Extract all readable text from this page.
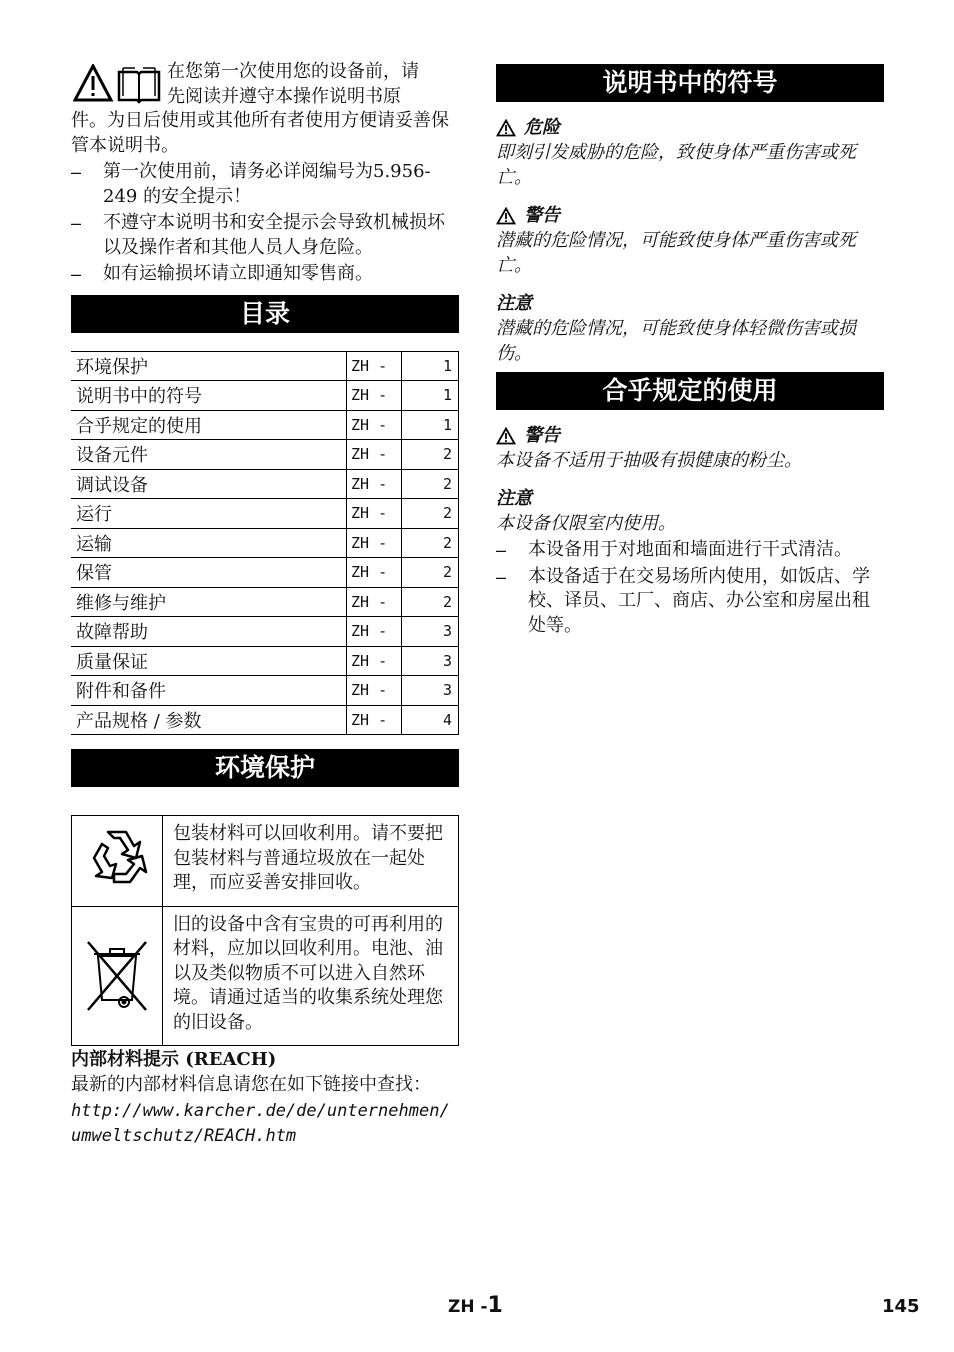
在您第一次使用您的设备前，请

先阅读并遵守本操作说明书原

件。为日后使用或其他所有者使用方便请妥善保管本说明书。

– 第一次使用前，请务必详阅编号为5.956-249 的安全提示！
– 不遵守本说明书和安全提示会导致机械损坏以及操作者和其他人员人身危险。
– 如有运输损坏请立即通知零售商。
目录
环境保护	ZH -	1
说明书中的符号	ZH -	1
合乎规定的使用	ZH -	1
设备元件	ZH -	2
调试设备	ZH -	2
运行	ZH -	2
运输	ZH -	2
保管	ZH -	2
维修与维护	ZH -	2
故障帮助	ZH -	3
质量保证	ZH -	3
附件和备件	ZH -	3
产品规格 / 参数	ZH -	4
环境保护
	包装材料可以回收利用。请不要把包装材料与普通垃圾放在一起处理，而应妥善安排回收。
	旧的设备中含有宝贵的可再利用的材料，应加以回收利用。电池、油以及类似物质不可以进入自然环境。请通过适当的收集系统处理您的旧设备。

内部材料提示 (REACH)

最新的内部材料信息请您在如下链接中查找：

http://www.karcher.de/de/unternehmen/

umweltschutz/REACH.htm

说明书中的符号
危险

即刻引发威胁的危险，致使身体严重伤害或死亡。

警告

潜藏的危险情况，可能致使身体严重伤害或死亡。

注意

潜藏的危险情况，可能致使身体轻微伤害或损伤。

合乎规定的使用
警告

本设备不适用于抽吸有损健康的粉尘。

注意

本设备仅限室内使用。

– 本设备用于对地面和墙面进行干式清洁。
– 本设备适于在交易场所内使用，如饭店、学校、译员、工厂、商店、办公室和房屋出租处等。
ZH -1	145
